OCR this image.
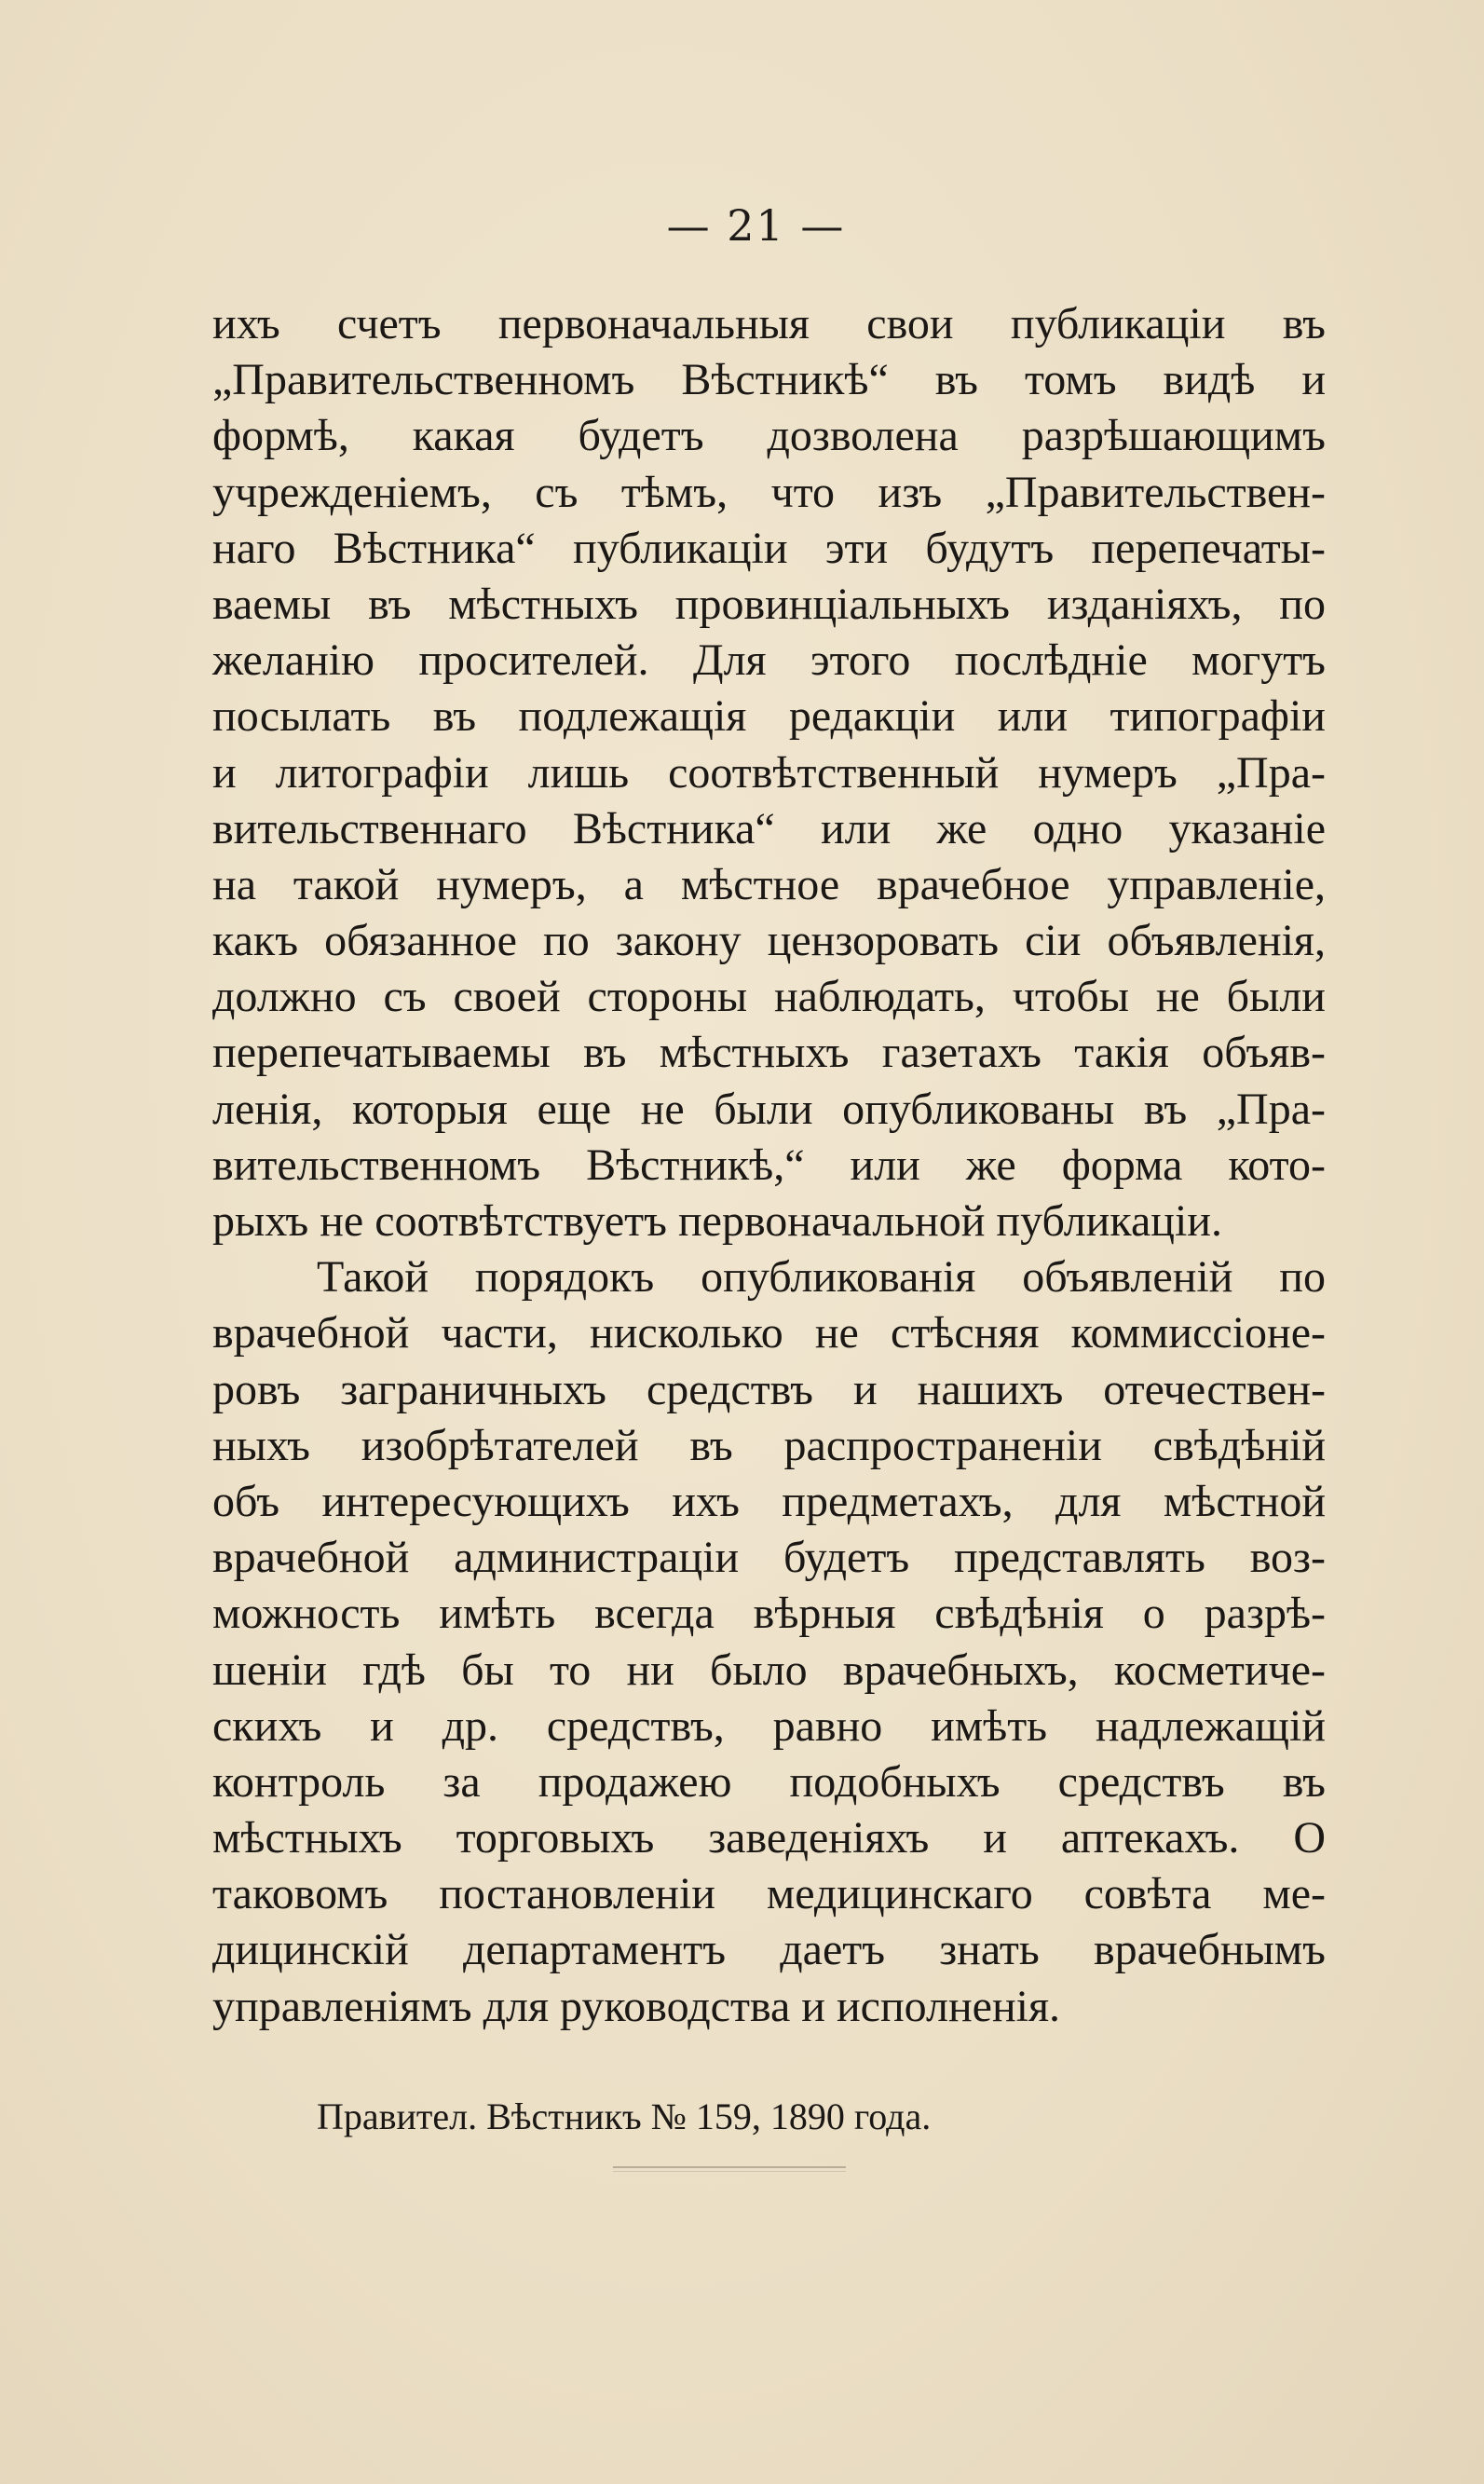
— 21 —
ихъ счетъ первоначальныя свои публикаціи въ
„Правительственномъ Вѣстникѣ“ въ томъ видѣ и
формѣ, какая будетъ дозволена разрѣшающимъ
учрежденіемъ, съ тѣмъ, что изъ „Правительствен-
наго Вѣстника“ публикаціи эти будутъ перепечаты-
ваемы въ мѣстныхъ провинціальныхъ изданіяхъ, по
желанію просителей. Для этого послѣдніе могутъ
посылать въ подлежащія редакціи или типографіи
и литографіи лишь соотвѣтственный нумеръ „Пра-
вительственнаго Вѣстника“ или же одно указаніе
на такой нумеръ, а мѣстное врачебное управленіе,
какъ обязанное по закону цензоровать сіи объявленія,
должно съ своей стороны наблюдать, чтобы не были
перепечатываемы въ мѣстныхъ газетахъ такія объяв-
ленія, которыя еще не были опубликованы въ „Пра-
вительственномъ Вѣстникѣ,“ или же форма кото-
рыхъ не соотвѣтствуетъ первоначальной публикаціи.
Такой порядокъ опубликованія объявленій по
врачебной части, нисколько не стѣсняя коммиссіоне-
ровъ заграничныхъ средствъ и нашихъ отечествен-
ныхъ изобрѣтателей въ распространеніи свѣдѣній
объ интересующихъ ихъ предметахъ, для мѣстной
врачебной администраціи будетъ представлять воз-
можность имѣть всегда вѣрныя свѣдѣнія о разрѣ-
шеніи гдѣ бы то ни было врачебныхъ, косметиче-
скихъ и др. средствъ, равно имѣть надлежащій
контроль за продажею подобныхъ средствъ въ
мѣстныхъ торговыхъ заведеніяхъ и аптекахъ. О
таковомъ постановленіи медицинскаго совѣта ме-
дицинскій департаментъ даетъ знать врачебнымъ
управленіямъ для руководства и исполненія.
Правител. Вѣстникъ № 159, 1890 года.
